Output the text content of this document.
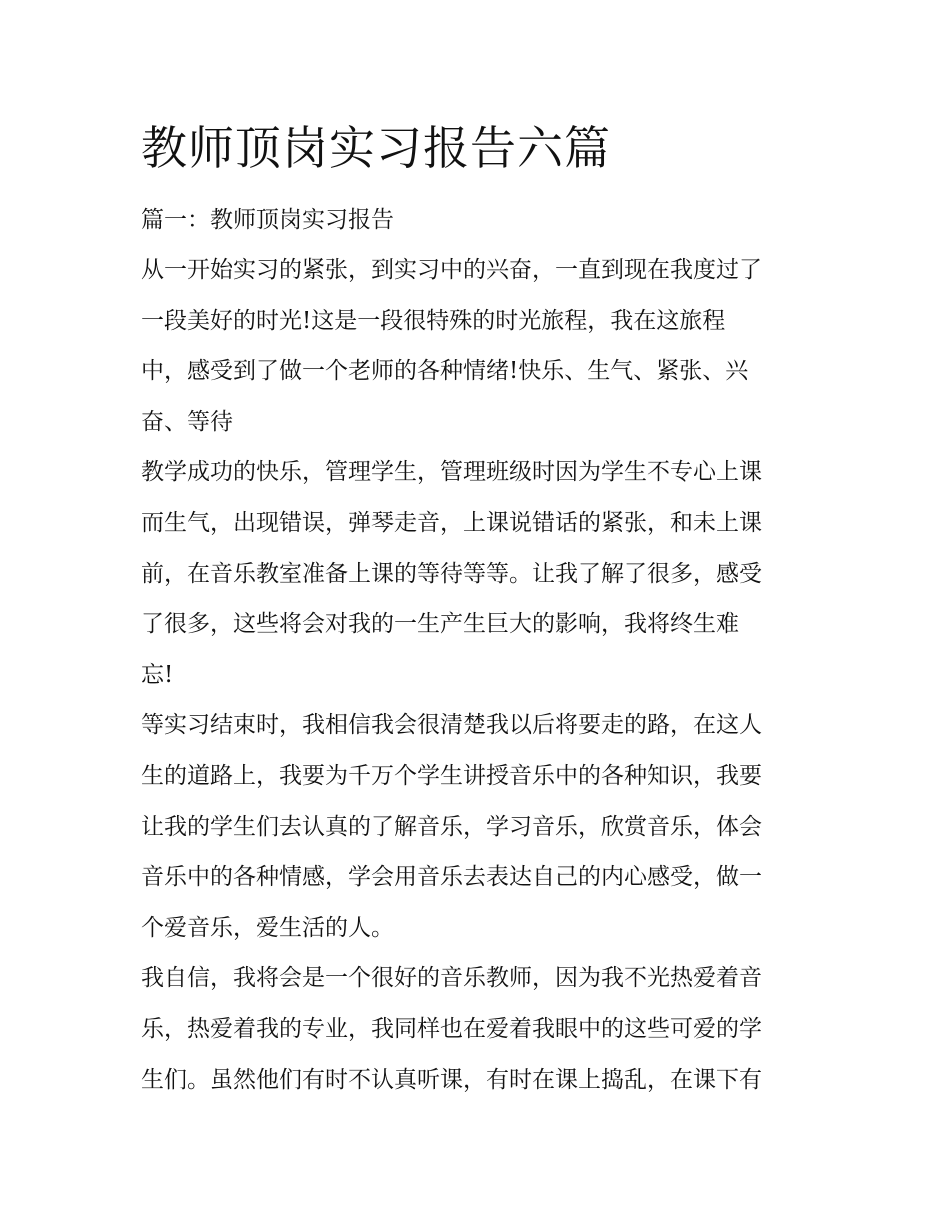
教师顶岗实习报告六篇

篇一：教师顶岗实习报告

从一开始实习的紧张，到实习中的兴奋，一直到现在我度过了

一段美好的时光!这是一段很特殊的时光旅程，我在这旅程

中，感受到了做一个老师的各种情绪!快乐、生气、紧张、兴

奋、等待

教学成功的快乐，管理学生，管理班级时因为学生不专心上课

而生气，出现错误，弹琴走音，上课说错话的紧张，和未上课

前，在音乐教室准备上课的等待等等。让我了解了很多，感受

了很多，这些将会对我的一生产生巨大的影响，我将终生难

忘!

等实习结束时，我相信我会很清楚我以后将要走的路，在这人

生的道路上，我要为千万个学生讲授音乐中的各种知识，我要

让我的学生们去认真的了解音乐，学习音乐，欣赏音乐，体会

音乐中的各种情感，学会用音乐去表达自己的内心感受，做一

个爱音乐，爱生活的人。

我自信，我将会是一个很好的音乐教师，因为我不光热爱着音

乐，热爱着我的专业，我同样也在爱着我眼中的这些可爱的学

生们。虽然他们有时不认真听课，有时在课上捣乱，在课下有
